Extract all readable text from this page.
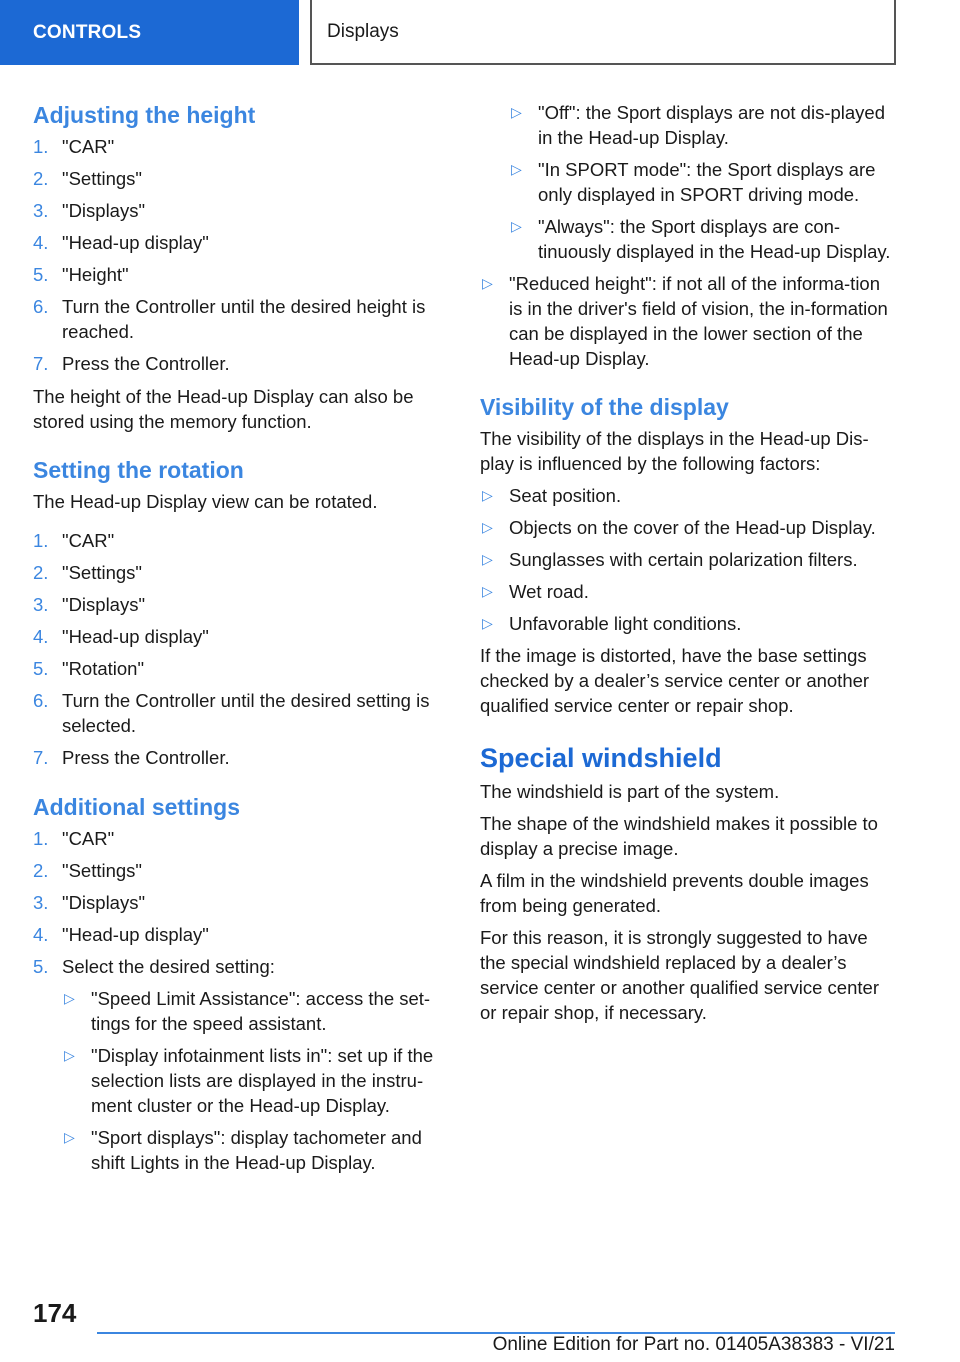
CONTROLS	Displays
Adjusting the height
1. "CAR"
2. "Settings"
3. "Displays"
4. "Head-up display"
5. "Height"
6. Turn the Controller until the desired height is reached.
7. Press the Controller.

The height of the Head-up Display can also be stored using the memory function.

Setting the rotation

The Head-up Display view can be rotated.

1. "CAR"
2. "Settings"
3. "Displays"
4. "Head-up display"
5. "Rotation"
6. Turn the Controller until the desired setting is selected.
7. Press the Controller.
Additional settings
1. "CAR"
2. "Settings"
3. "Displays"
4. "Head-up display"
5. Select the desired setting:
▷ "Speed Limit Assistance": access the set-tings for the speed assistant.
▷ "Display infotainment lists in": set up if the selection lists are displayed in the instru-ment cluster or the Head-up Display.
▷ "Sport displays": display tachometer and shift Lights in the Head-up Display.
▷ "Off": the Sport displays are not dis-played in the Head-up Display.
▷ "In SPORT mode": the Sport displays are only displayed in SPORT driving mode.
▷ "Always": the Sport displays are con-tinuously displayed in the Head-up Display.
▷ "Reduced height": if not all of the informa-tion is in the driver's field of vision, the in-formation can be displayed in the lower section of the Head-up Display.
Visibility of the display

The visibility of the displays in the Head-up Dis-play is influenced by the following factors:

▷ Seat position.
▷ Objects on the cover of the Head-up Display.
▷ Sunglasses with certain polarization filters.
▷ Wet road.
▷ Unfavorable light conditions.

If the image is distorted, have the base settings checked by a dealer’s service center or another qualified service center or repair shop.

Special windshield

The windshield is part of the system.

The shape of the windshield makes it possible to display a precise image.

A film in the windshield prevents double images from being generated.

For this reason, it is strongly suggested to have the special windshield replaced by a dealer’s service center or another qualified service center or repair shop, if necessary.

174
Online Edition for Part no. 01405A38383 - VI/21
